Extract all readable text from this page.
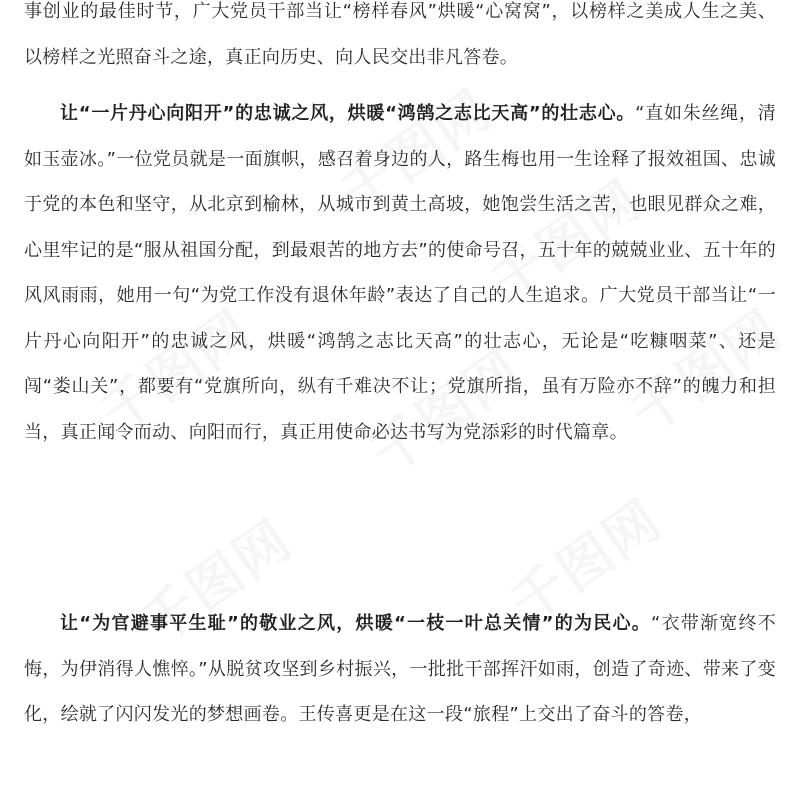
事创业的最佳时节，广大党员干部当让“榜样春风”烘暖“心窝窝”，以榜样之美成人生之美、以榜样之光照奋斗之途，真正向历史、向人民交出非凡答卷。

让“一片丹心向阳开”的忠诚之风，烘暖“鸿鹄之志比天高”的壮志心。“直如朱丝绳，清如玉壶冰。”一位党员就是一面旗帜，感召着身边的人，路生梅也用一生诠释了报效祖国、忠诚于党的本色和坚守，从北京到榆林，从城市到黄土高坡，她饱尝生活之苦，也眼见群众之难，心里牢记的是“服从祖国分配，到最艰苦的地方去”的使命号召，五十年的兢兢业业、五十年的风风雨雨，她用一句“为党工作没有退休年龄”表达了自己的人生追求。广大党员干部当让“一片丹心向阳开”的忠诚之风，烘暖“鸿鹄之志比天高”的壮志心，无论是“吃糠咽菜”、还是闯“娄山关”，都要有“党旗所向，纵有千难决不让；党旗所指，虽有万险亦不辞”的魄力和担当，真正闻令而动、向阳而行，真正用使命必达书写为党添彩的时代篇章。

让“为官避事平生耻”的敬业之风，烘暖“一枝一叶总关情”的为民心。“衣带渐宽终不悔，为伊消得人憔悴。”从脱贫攻坚到乡村振兴，一批批干部挥汗如雨，创造了奇迹、带来了变化，绘就了闪闪发光的梦想画卷。王传喜更是在这一段“旅程”上交出了奋斗的答卷，
